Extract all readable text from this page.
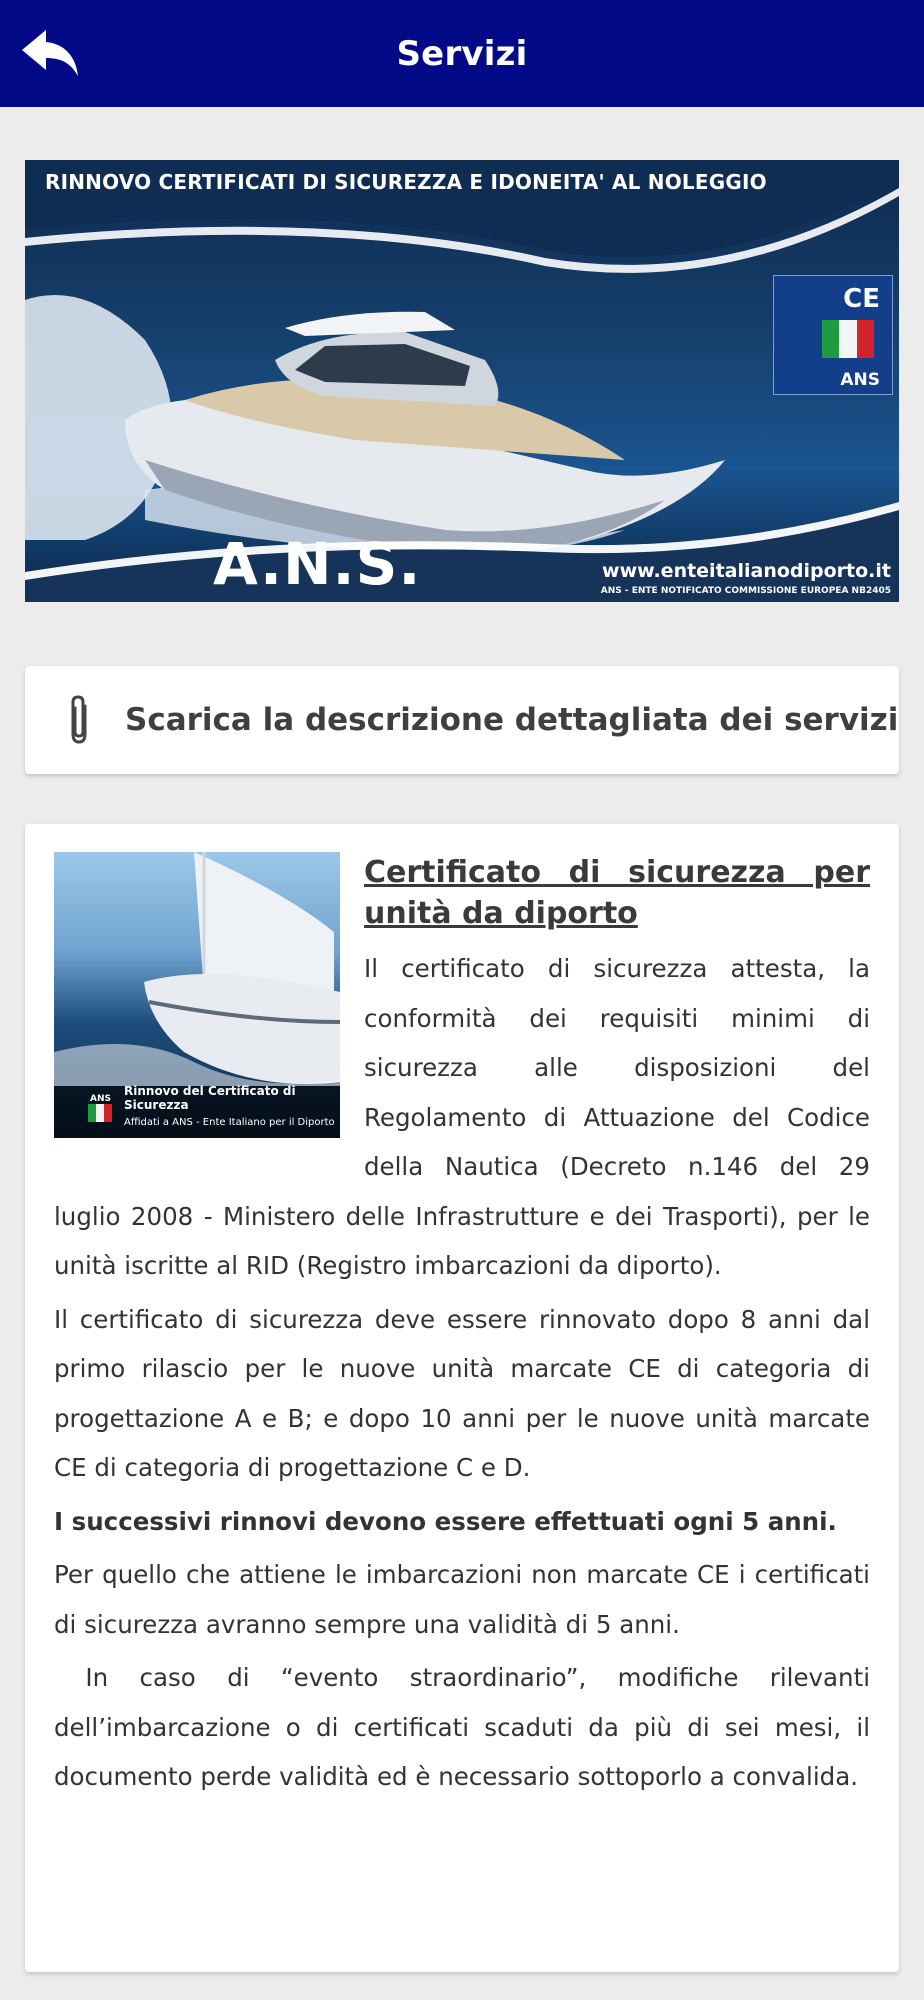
Servizi
RINNOVO CERTIFICATI DI SICUREZZA E IDONEITA' AL NOLEGGIO
CE
ANS
A.N.S.	www.enteitalianodiporto.it
ANS - ENTE NOTIFICATO COMMISSIONE EUROPEA NB2405
Scarica la descrizione dettagliata dei servizi
ANS
Rinnovo del Certificato di Sicurezza
Affidati a ANS - Ente Italiano per il Diporto
Certificato di sicurezza per unità da diporto

Il certificato di sicurezza attesta, la conformità dei requisiti minimi di sicurezza alle disposizioni del Regolamento di Attuazione del Codice della Nautica (Decreto n.146 del 29 luglio 2008 - Ministero delle Infrastrutture e dei Trasporti), per le unità iscritte al RID (Registro imbarcazioni da diporto).

Il certificato di sicurezza deve essere rinnovato dopo 8 anni dal primo rilascio per le nuove unità marcate CE di categoria di progettazione A e B; e dopo 10 anni per le nuove unità marcate CE di categoria di progettazione C e D.

I successivi rinnovi devono essere effettuati ogni 5 anni.

Per quello che attiene le imbarcazioni non marcate CE i certificati di sicurezza avranno sempre una validità di 5 anni.

In caso di “evento straordinario”, modifiche rilevanti dell’imbarcazione o di certificati scaduti da più di sei mesi, il documento perde validità ed è necessario sottoporlo a convalida.
